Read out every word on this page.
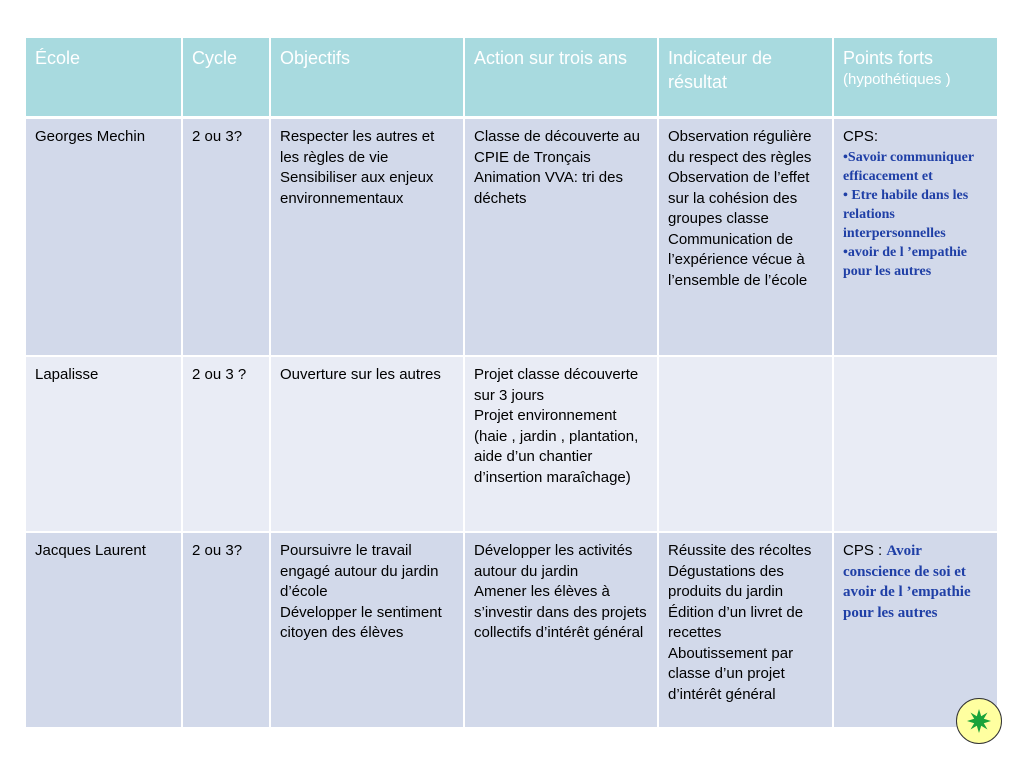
École	Cycle	Objectifs	Action sur trois ans	Indicateur de résultat	Points forts
(hypothétiques )

Georges Mechin	2 ou 3?	Respecter les autres et les règles de vie
Sensibiliser aux enjeux environnementaux	Classe de découverte au CPIE de Tronçais
Animation VVA: tri des déchets	Observation régulière du respect des règles
Observation de l’effet sur la cohésion des groupes classe
Communication de l’expérience vécue à l’ensemble de l’école	CPS:
•Savoir communiquer efficacement et
• Etre habile dans les relations interpersonnelles
•avoir de l ’empathie pour les autres

Lapalisse	2 ou 3 ?	Ouverture sur les autres	Projet classe découverte sur 3 jours
Projet environnement (haie , jardin , plantation, aide d’un chantier d’insertion maraîchage)		

Jacques Laurent	2 ou 3?	Poursuivre le travail engagé autour du jardin d’école
Développer le sentiment citoyen des élèves	Développer les activités autour du jardin
Amener les élèves à s’investir dans des projets collectifs d’intérêt général	Réussite des récoltes
Dégustations des produits du jardin
Édition d’un livret de recettes
Aboutissement par classe d’un projet d’intérêt général	CPS : Avoir conscience de soi et avoir de l ’empathie pour les autres
